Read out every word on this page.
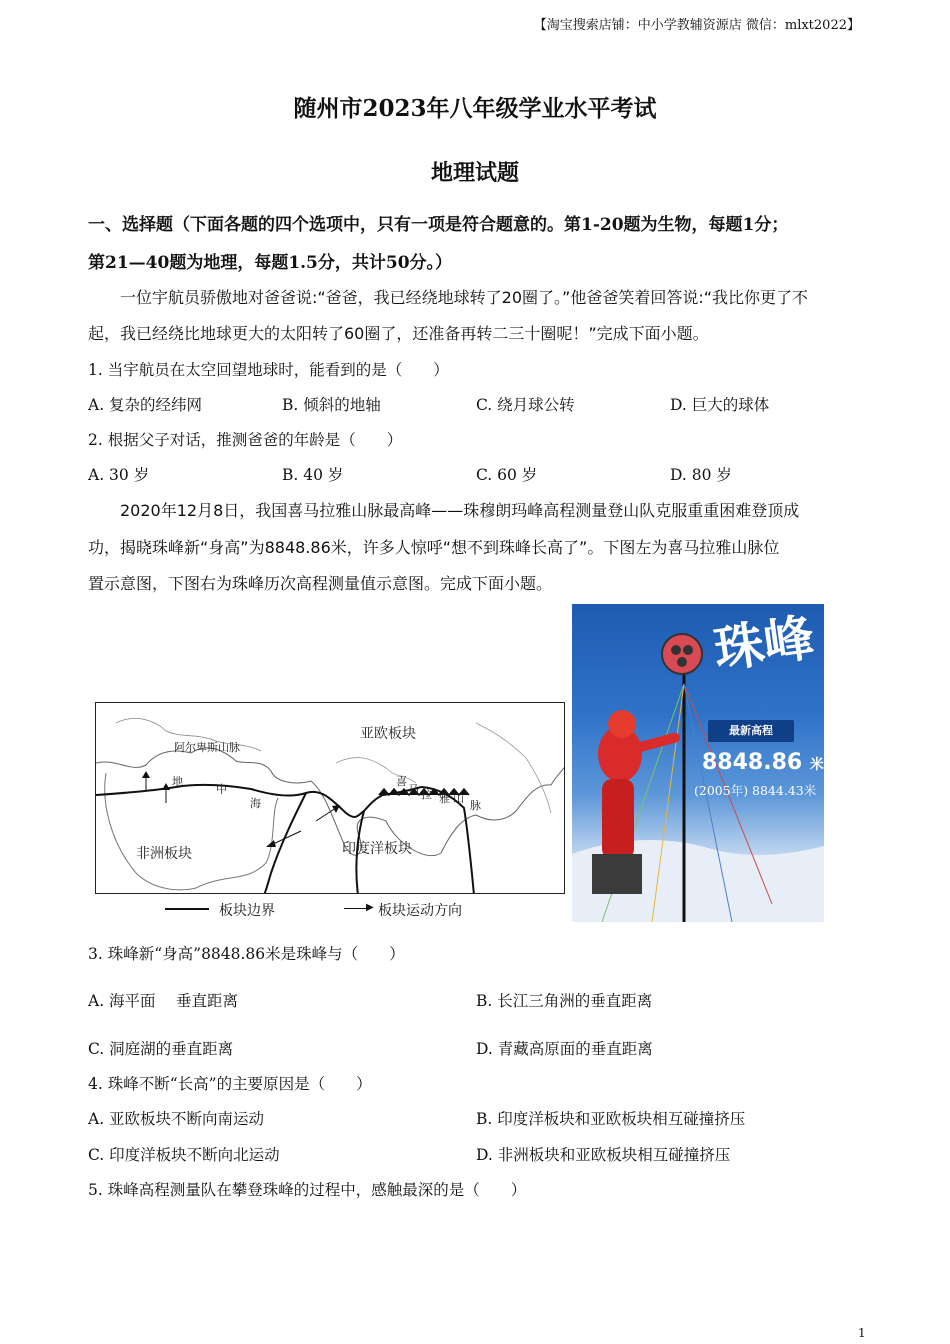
【淘宝搜索店铺：中小学教辅资源店 微信：mlxt2022】
随州市2023年八年级学业水平考试
地理试题
一、选择题（下面各题的四个选项中，只有一项是符合题意的。第1-20题为生物，每题1分；
第21—40题为地理，每题1.5分，共计50分。）
一位宇航员骄傲地对爸爸说:“爸爸，我已经绕地球转了20圈了。”他爸爸笑着回答说:“我比你更了不
起，我已经绕比地球更大的太阳转了60圈了，还准备再转二三十圈呢！”完成下面小题。
1. 当宇航员在太空回望地球时，能看到的是（　　）
A. 复杂的经纬网	B. 倾斜的地轴	C. 绕月球公转	D. 巨大的球体
2. 根据父子对话，推测爸爸的年龄是（　　）
A. 30 岁	B. 40 岁	C. 60 岁	D. 80 岁
2020年12月8日，我国喜马拉雅山脉最高峰——珠穆朗玛峰高程测量登山队克服重重困难登顶成
功，揭晓珠峰新“身高”为8848.86米，许多人惊呼“想不到珠峰长高了”。下图左为喜马拉雅山脉位
置示意图，下图右为珠峰历次高程测量值示意图。完成下面小题。
亚欧板块
阿尔卑斯山脉
地
中
海
非洲板块	印度洋板块
喜
马 拉 雅 山
脉
板块边界	▶ 板块运动方向
珠峰
最新高程
8848.86 米
(2005年) 8844.43米
3. 珠峰新“身高”8848.86米是珠峰与（　　）
A. 海平面　 垂直距离	B. 长江三角洲的垂直距离
C. 洞庭湖的垂直距离	D. 青藏高原面的垂直距离
4. 珠峰不断“长高”的主要原因是（　　）
A. 亚欧板块不断向南运动	B. 印度洋板块和亚欧板块相互碰撞挤压
C. 印度洋板块不断向北运动	D. 非洲板块和亚欧板块相互碰撞挤压
5. 珠峰高程测量队在攀登珠峰的过程中，感触最深的是（　　）
1
